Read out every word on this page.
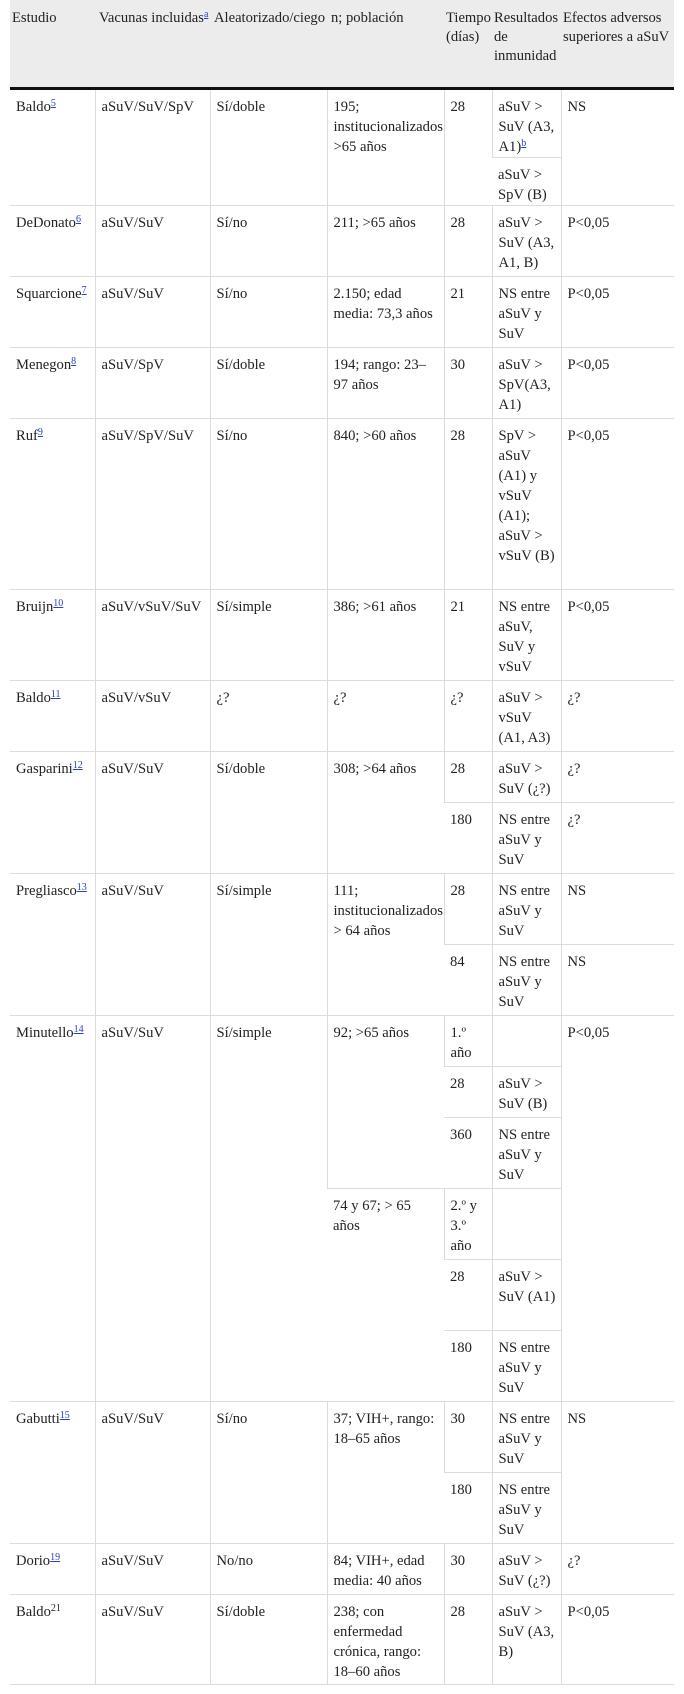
Estudio	Vacunas incluidas$^a$	Aleatorizado/ciego	n; población	Tiempo (días)	Resultados de inmunidad	Efectos adversos superiores a aSuV
Baldo$^5$	aSuV/SuV/SpV	Sí/doble	195; institucionalizados >65 años	28	aSuV > SuV (A3, A1)$^b$	NS
					aSuV > SpV (B)	
DeDonato$^6$	aSuV/SuV	Sí/no	211; >65 años	28	aSuV > SuV (A3, A1, B)	P<0,05
Squarcione$^7$	aSuV/SuV	Sí/no	2.150; edad media: 73,3 años	21	NS entre aSuV y SuV	P<0,05
Menegon$^8$	aSuV/SpV	Sí/doble	194; rango: 23–97 años	30	aSuV > SpV(A3, A1)	P<0,05
Ruf$^9$	aSuV/SpV/SuV	Sí/no	840; >60 años	28	SpV > aSuV (A1) y vSuV (A1); aSuV > vSuV (B)	P<0,05
Bruijn$^{10}$	aSuV/vSuV/SuV	Sí/simple	386; >61 años	21	NS entre aSuV, SuV y vSuV	P<0,05
Baldo$^{11}$	aSuV/vSuV	¿?	¿?	¿?	aSuV > vSuV (A1, A3)	¿?
Gasparini$^{12}$	aSuV/SuV	Sí/doble	308; >64 años	28	aSuV > SuV (¿?)	¿?
				180	NS entre aSuV y SuV	¿?
Pregliasco$^{13}$	aSuV/SuV	Sí/simple	111; institucionalizados > 64 años	28	NS entre aSuV y SuV	NS
				84	NS entre aSuV y SuV	NS
Minutello$^{14}$	aSuV/SuV	Sí/simple	92; >65 años	1.º año		P<0,05
				28	aSuV > SuV (B)	
				360	NS entre aSuV y SuV	
			74 y 67; > 65 años	2.º y 3.º año		
				28	aSuV > SuV (A1)	
				180	NS entre aSuV y SuV	
Gabutti$^{15}$	aSuV/SuV	Sí/no	37; VIH+, rango: 18–65 años	30	NS entre aSuV y SuV	NS
				180	NS entre aSuV y SuV	
Dorio$^{19}$	aSuV/SuV	No/no	84; VIH+, edad media: 40 años	30	aSuV > SuV (¿?)	¿?
Baldo$^{21}$	aSuV/SuV	Sí/doble	238; con enfermedad crónica, rango: 18–60 años	28	aSuV > SuV (A3, B)	P<0,05
